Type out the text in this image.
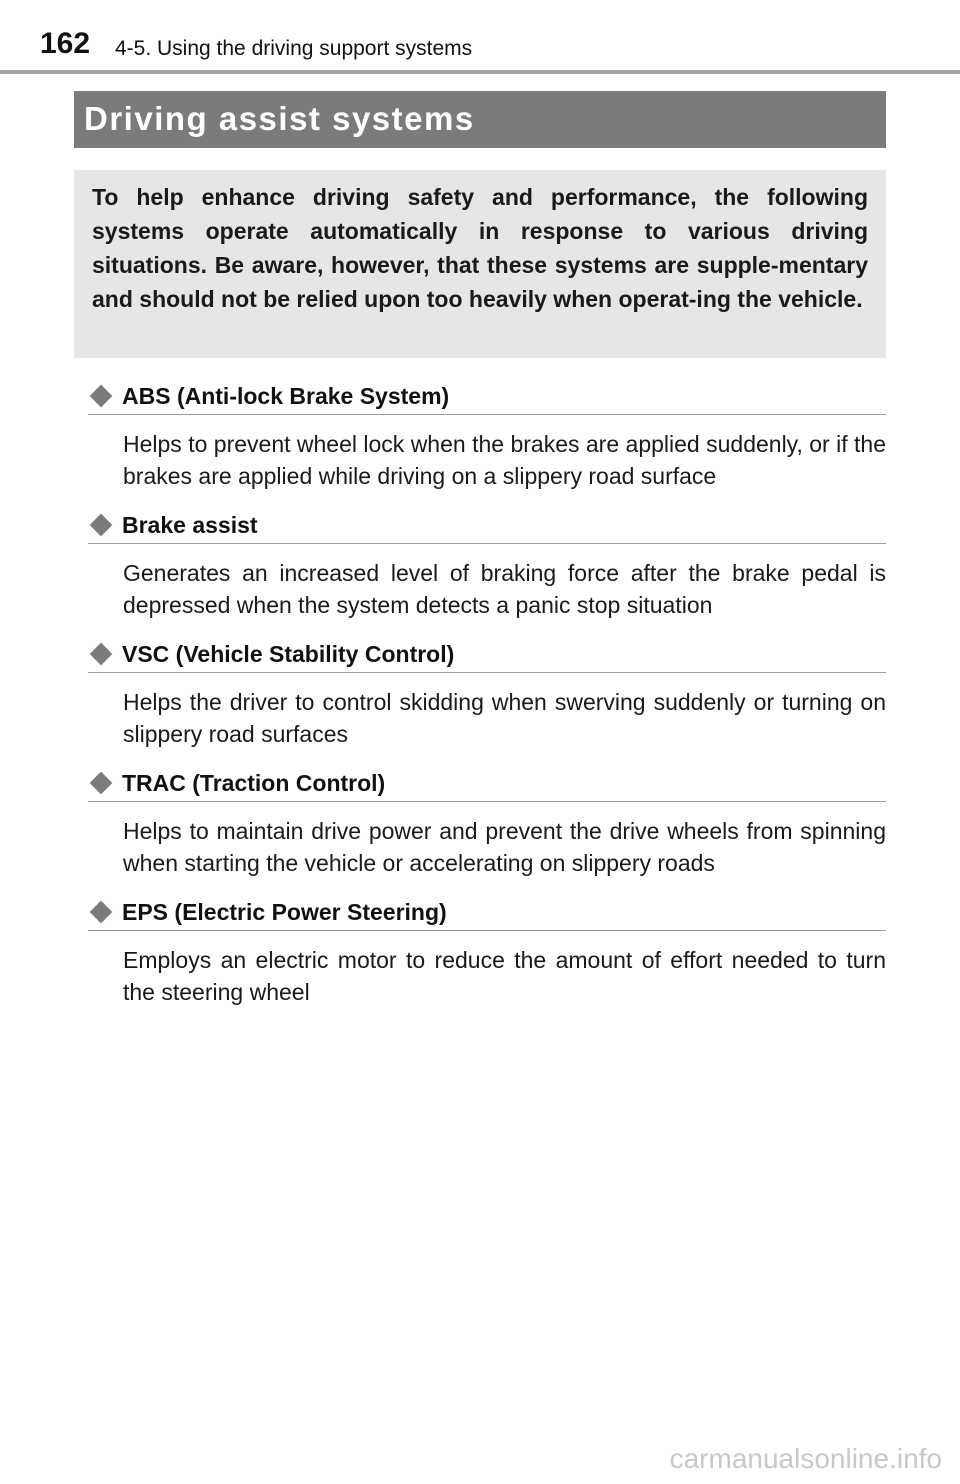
162 4-5. Using the driving support systems
Driving assist systems

To help enhance driving safety and performance, the following systems operate automatically in response to various driving situations. Be aware, however, that these systems are supple-mentary and should not be relied upon too heavily when operat-ing the vehicle.

ABS (Anti-lock Brake System)

Helps to prevent wheel lock when the brakes are applied suddenly, or if the brakes are applied while driving on a slippery road surface

Brake assist

Generates an increased level of braking force after the brake pedal is depressed when the system detects a panic stop situation

VSC (Vehicle Stability Control)

Helps the driver to control skidding when swerving suddenly or turning on slippery road surfaces

TRAC (Traction Control)

Helps to maintain drive power and prevent the drive wheels from spinning when starting the vehicle or accelerating on slippery roads

EPS (Electric Power Steering)

Employs an electric motor to reduce the amount of effort needed to turn the steering wheel

carmanualsonline.info
